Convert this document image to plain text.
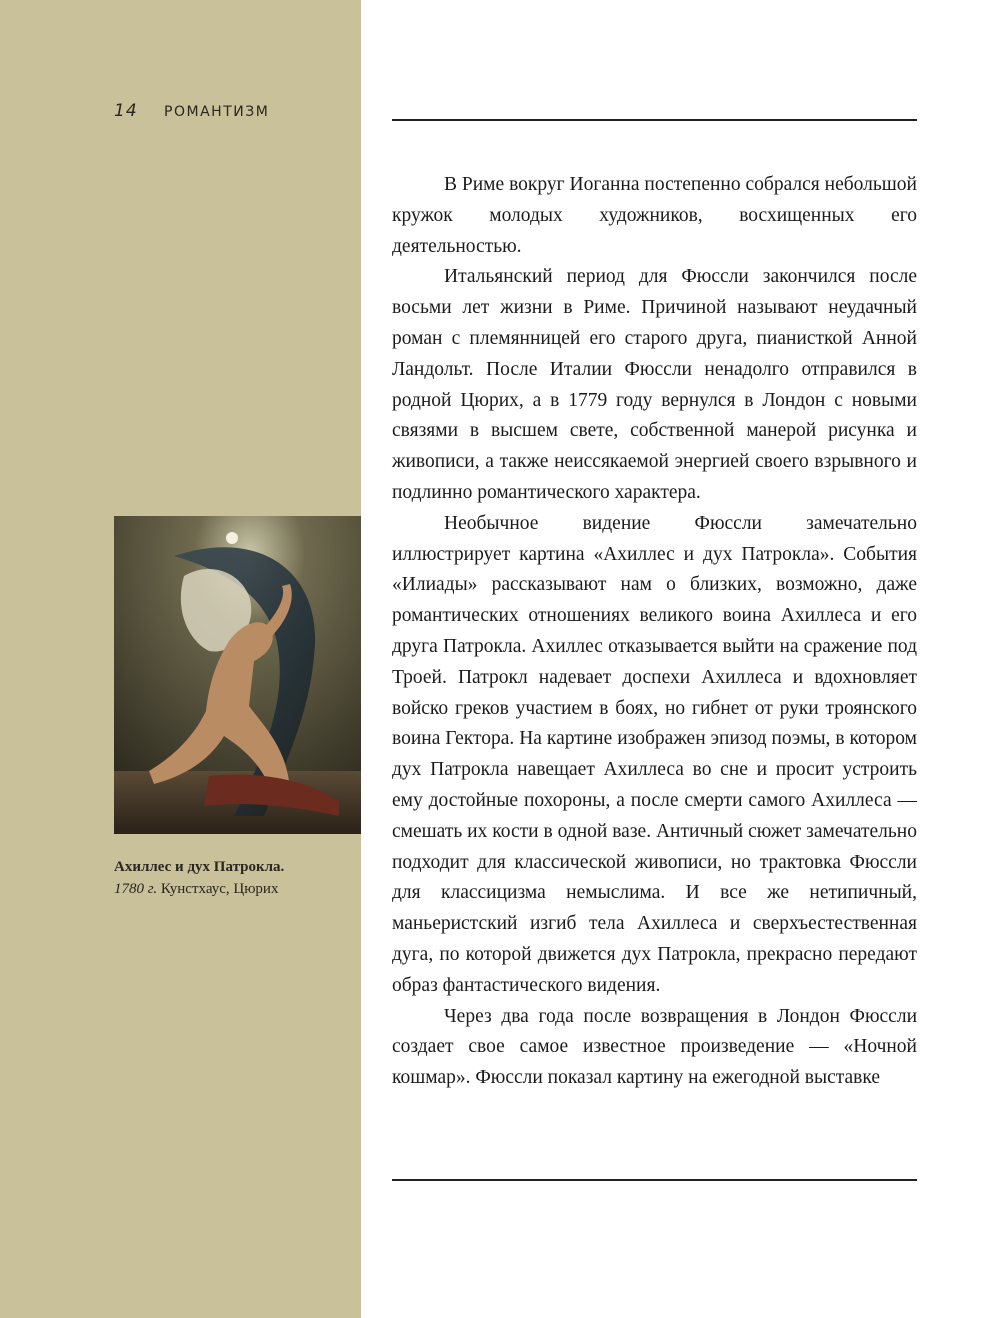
14 РОМАНТИЗМ
Ахиллес и дух Патрокла.
1780 г. Кунстхаус, Цюрих

В Риме вокруг Иоганна постепенно собрался небольшой кружок молодых художников, восхищенных его деятельностью.

Итальянский период для Фюссли закончился после восьми лет жизни в Риме. Причиной называют неудачный роман с племянницей его старого друга, пианисткой Анной Ландольт. После Италии Фюссли ненадолго отправился в родной Цюрих, а в 1779 году вернулся в Лондон с новыми связями в высшем свете, собственной манерой рисунка и живописи, а также неиссякаемой энергией своего взрывного и подлинно романтического характера.

Необычное видение Фюссли замечательно иллюстрирует картина «Ахиллес и дух Патрокла». События «Илиады» рассказывают нам о близких, возможно, даже романтических отношениях великого воина Ахиллеса и его друга Патрокла. Ахиллес отказывается выйти на сражение под Троей. Патрокл надевает доспехи Ахиллеса и вдохновляет войско греков участием в боях, но гибнет от руки троянского воина Гектора. На картине изображен эпизод поэмы, в котором дух Патрокла навещает Ахиллеса во сне и просит устроить ему достойные похороны, а после смерти самого Ахиллеса — смешать их кости в одной вазе. Античный сюжет замечательно подходит для классической живописи, но трактовка Фюссли для классицизма немыслима. И все же нетипичный, маньеристский изгиб тела Ахиллеса и сверхъестественная дуга, по которой движется дух Патрокла, прекрасно передают образ фантастического видения.

Через два года после возвращения в Лондон Фюссли создает свое самое известное произведение — «Ночной кошмар». Фюссли показал картину на ежегодной выставке
